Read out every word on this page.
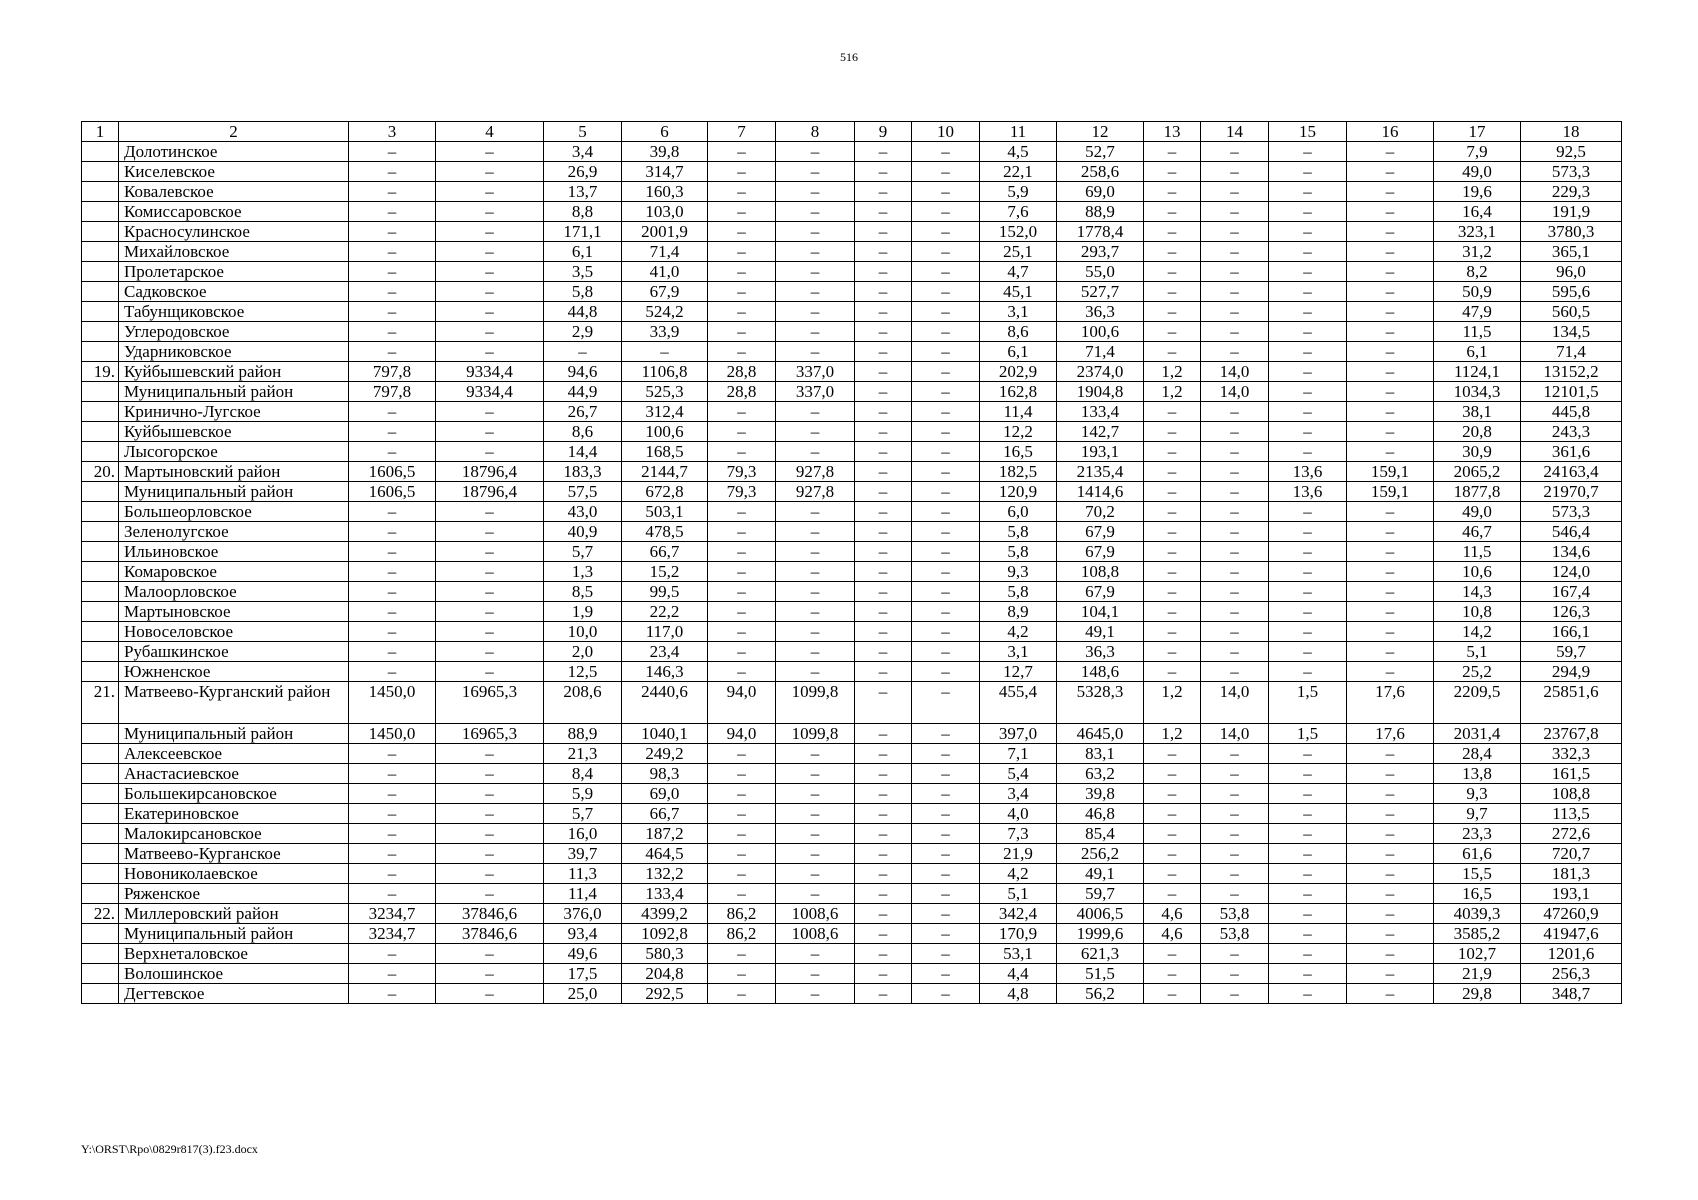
516
1	2	3	4	5	6	7	8	9	10	11	12	13	14	15	16	17	18
	Долотинское	–	–	3,4	39,8	–	–	–	–	4,5	52,7	–	–	–	–	7,9	92,5
	Киселевское	–	–	26,9	314,7	–	–	–	–	22,1	258,6	–	–	–	–	49,0	573,3
	Ковалевское	–	–	13,7	160,3	–	–	–	–	5,9	69,0	–	–	–	–	19,6	229,3
	Комиссаровское	–	–	8,8	103,0	–	–	–	–	7,6	88,9	–	–	–	–	16,4	191,9
	Красносулинское	–	–	171,1	2001,9	–	–	–	–	152,0	1778,4	–	–	–	–	323,1	3780,3
	Михайловское	–	–	6,1	71,4	–	–	–	–	25,1	293,7	–	–	–	–	31,2	365,1
	Пролетарское	–	–	3,5	41,0	–	–	–	–	4,7	55,0	–	–	–	–	8,2	96,0
	Садковское	–	–	5,8	67,9	–	–	–	–	45,1	527,7	–	–	–	–	50,9	595,6
	Табунщиковское	–	–	44,8	524,2	–	–	–	–	3,1	36,3	–	–	–	–	47,9	560,5
	Углеродовское	–	–	2,9	33,9	–	–	–	–	8,6	100,6	–	–	–	–	11,5	134,5
	Ударниковское	–	–	–	–	–	–	–	–	6,1	71,4	–	–	–	–	6,1	71,4
19.	Куйбышевский район	797,8	9334,4	94,6	1106,8	28,8	337,0	–	–	202,9	2374,0	1,2	14,0	–	–	1124,1	13152,2
	Муниципальный район	797,8	9334,4	44,9	525,3	28,8	337,0	–	–	162,8	1904,8	1,2	14,0	–	–	1034,3	12101,5
	Кринично-Лугское	–	–	26,7	312,4	–	–	–	–	11,4	133,4	–	–	–	–	38,1	445,8
	Куйбышевское	–	–	8,6	100,6	–	–	–	–	12,2	142,7	–	–	–	–	20,8	243,3
	Лысогорское	–	–	14,4	168,5	–	–	–	–	16,5	193,1	–	–	–	–	30,9	361,6
20.	Мартыновский район	1606,5	18796,4	183,3	2144,7	79,3	927,8	–	–	182,5	2135,4	–	–	13,6	159,1	2065,2	24163,4
	Муниципальный район	1606,5	18796,4	57,5	672,8	79,3	927,8	–	–	120,9	1414,6	–	–	13,6	159,1	1877,8	21970,7
	Большеорловское	–	–	43,0	503,1	–	–	–	–	6,0	70,2	–	–	–	–	49,0	573,3
	Зеленолугское	–	–	40,9	478,5	–	–	–	–	5,8	67,9	–	–	–	–	46,7	546,4
	Ильиновское	–	–	5,7	66,7	–	–	–	–	5,8	67,9	–	–	–	–	11,5	134,6
	Комаровское	–	–	1,3	15,2	–	–	–	–	9,3	108,8	–	–	–	–	10,6	124,0
	Малоорловское	–	–	8,5	99,5	–	–	–	–	5,8	67,9	–	–	–	–	14,3	167,4
	Мартыновское	–	–	1,9	22,2	–	–	–	–	8,9	104,1	–	–	–	–	10,8	126,3
	Новоселовское	–	–	10,0	117,0	–	–	–	–	4,2	49,1	–	–	–	–	14,2	166,1
	Рубашкинское	–	–	2,0	23,4	–	–	–	–	3,1	36,3	–	–	–	–	5,1	59,7
	Южненское	–	–	12,5	146,3	–	–	–	–	12,7	148,6	–	–	–	–	25,2	294,9
21.	Матвеево-Курганский район	1450,0	16965,3	208,6	2440,6	94,0	1099,8	–	–	455,4	5328,3	1,2	14,0	1,5	17,6	2209,5	25851,6
	Муниципальный район	1450,0	16965,3	88,9	1040,1	94,0	1099,8	–	–	397,0	4645,0	1,2	14,0	1,5	17,6	2031,4	23767,8
	Алексеевское	–	–	21,3	249,2	–	–	–	–	7,1	83,1	–	–	–	–	28,4	332,3
	Анастасиевское	–	–	8,4	98,3	–	–	–	–	5,4	63,2	–	–	–	–	13,8	161,5
	Большекирсановское	–	–	5,9	69,0	–	–	–	–	3,4	39,8	–	–	–	–	9,3	108,8
	Екатериновское	–	–	5,7	66,7	–	–	–	–	4,0	46,8	–	–	–	–	9,7	113,5
	Малокирсановское	–	–	16,0	187,2	–	–	–	–	7,3	85,4	–	–	–	–	23,3	272,6
	Матвеево-Курганское	–	–	39,7	464,5	–	–	–	–	21,9	256,2	–	–	–	–	61,6	720,7
	Новониколаевское	–	–	11,3	132,2	–	–	–	–	4,2	49,1	–	–	–	–	15,5	181,3
	Ряженское	–	–	11,4	133,4	–	–	–	–	5,1	59,7	–	–	–	–	16,5	193,1
22.	Миллеровский район	3234,7	37846,6	376,0	4399,2	86,2	1008,6	–	–	342,4	4006,5	4,6	53,8	–	–	4039,3	47260,9
	Муниципальный район	3234,7	37846,6	93,4	1092,8	86,2	1008,6	–	–	170,9	1999,6	4,6	53,8	–	–	3585,2	41947,6
	Верхнеталовское	–	–	49,6	580,3	–	–	–	–	53,1	621,3	–	–	–	–	102,7	1201,6
	Волошинское	–	–	17,5	204,8	–	–	–	–	4,4	51,5	–	–	–	–	21,9	256,3
	Дегтевское	–	–	25,0	292,5	–	–	–	–	4,8	56,2	–	–	–	–	29,8	348,7
Y:\ORST\Rpo\0829r817(3).f23.docx
